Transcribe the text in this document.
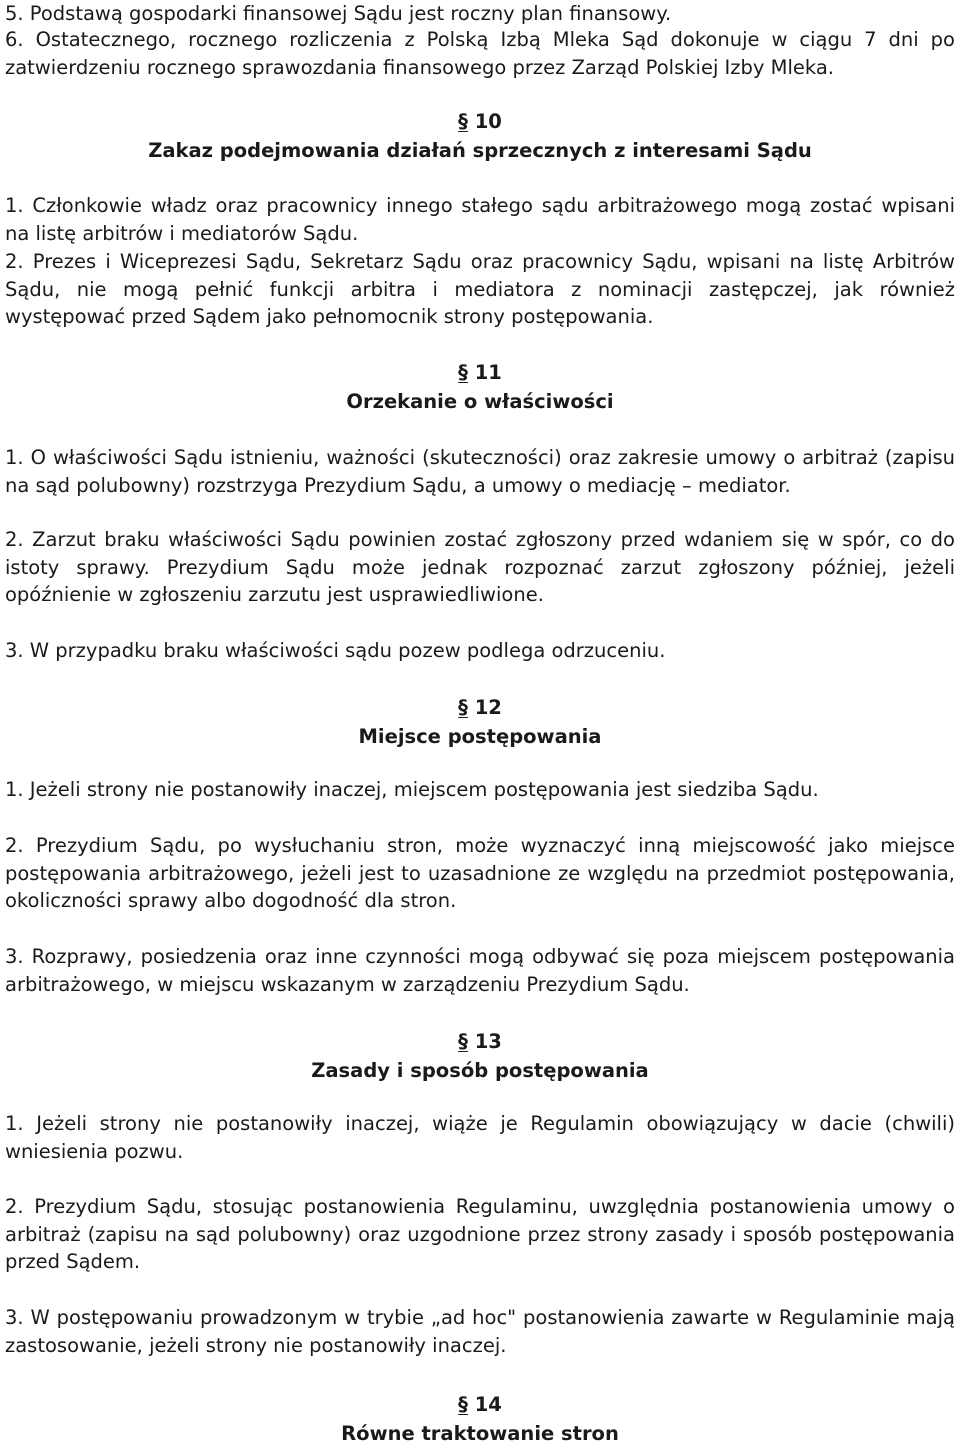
5. Podstawą gospodarki finansowej Sądu jest roczny plan finansowy.

6. Ostatecznego, rocznego rozliczenia z Polską Izbą Mleka Sąd dokonuje w ciągu 7 dni po zatwierdzeniu rocznego sprawozdania finansowego przez Zarząd Polskiej Izby Mleka.

§ 10
Zakaz podejmowania działań sprzecznych z interesami Sądu

1. Członkowie władz oraz pracownicy innego stałego sądu arbitrażowego mogą zostać wpisani na listę arbitrów i mediatorów Sądu.

2. Prezes i Wiceprezesi Sądu, Sekretarz Sądu oraz pracownicy Sądu, wpisani na listę Arbitrów Sądu, nie mogą pełnić funkcji arbitra i mediatora z nominacji zastępczej, jak również występować przed Sądem jako pełnomocnik strony postępowania.

§ 11
Orzekanie o właściwości

1. O właściwości Sądu istnieniu, ważności (skuteczności) oraz zakresie umowy o arbitraż (zapisu na sąd polubowny) rozstrzyga Prezydium Sądu, a umowy o mediację – mediator.

2. Zarzut braku właściwości Sądu powinien zostać zgłoszony przed wdaniem się w spór, co do istoty sprawy. Prezydium Sądu może jednak rozpoznać zarzut zgłoszony później, jeżeli opóźnienie w zgłoszeniu zarzutu jest usprawiedliwione.

3. W przypadku braku właściwości sądu pozew podlega odrzuceniu.

§ 12
Miejsce postępowania

1. Jeżeli strony nie postanowiły inaczej, miejscem postępowania jest siedziba Sądu.

2. Prezydium Sądu, po wysłuchaniu stron, może wyznaczyć inną miejscowość jako miejsce postępowania arbitrażowego, jeżeli jest to uzasadnione ze względu na przedmiot postępowania, okoliczności sprawy albo dogodność dla stron.

3. Rozprawy, posiedzenia oraz inne czynności mogą odbywać się poza miejscem postępowania arbitrażowego, w miejscu wskazanym w zarządzeniu Prezydium Sądu.

§ 13
Zasady i sposób postępowania

1. Jeżeli strony nie postanowiły inaczej, wiąże je Regulamin obowiązujący w dacie (chwili) wniesienia pozwu.

2. Prezydium Sądu, stosując postanowienia Regulaminu, uwzględnia postanowienia umowy o arbitraż (zapisu na sąd polubowny) oraz uzgodnione przez strony zasady i sposób postępowania przed Sądem.

3. W postępowaniu prowadzonym w trybie „ad hoc" postanowienia zawarte w Regulaminie mają zastosowanie, jeżeli strony nie postanowiły inaczej.

§ 14
Równe traktowanie stron
